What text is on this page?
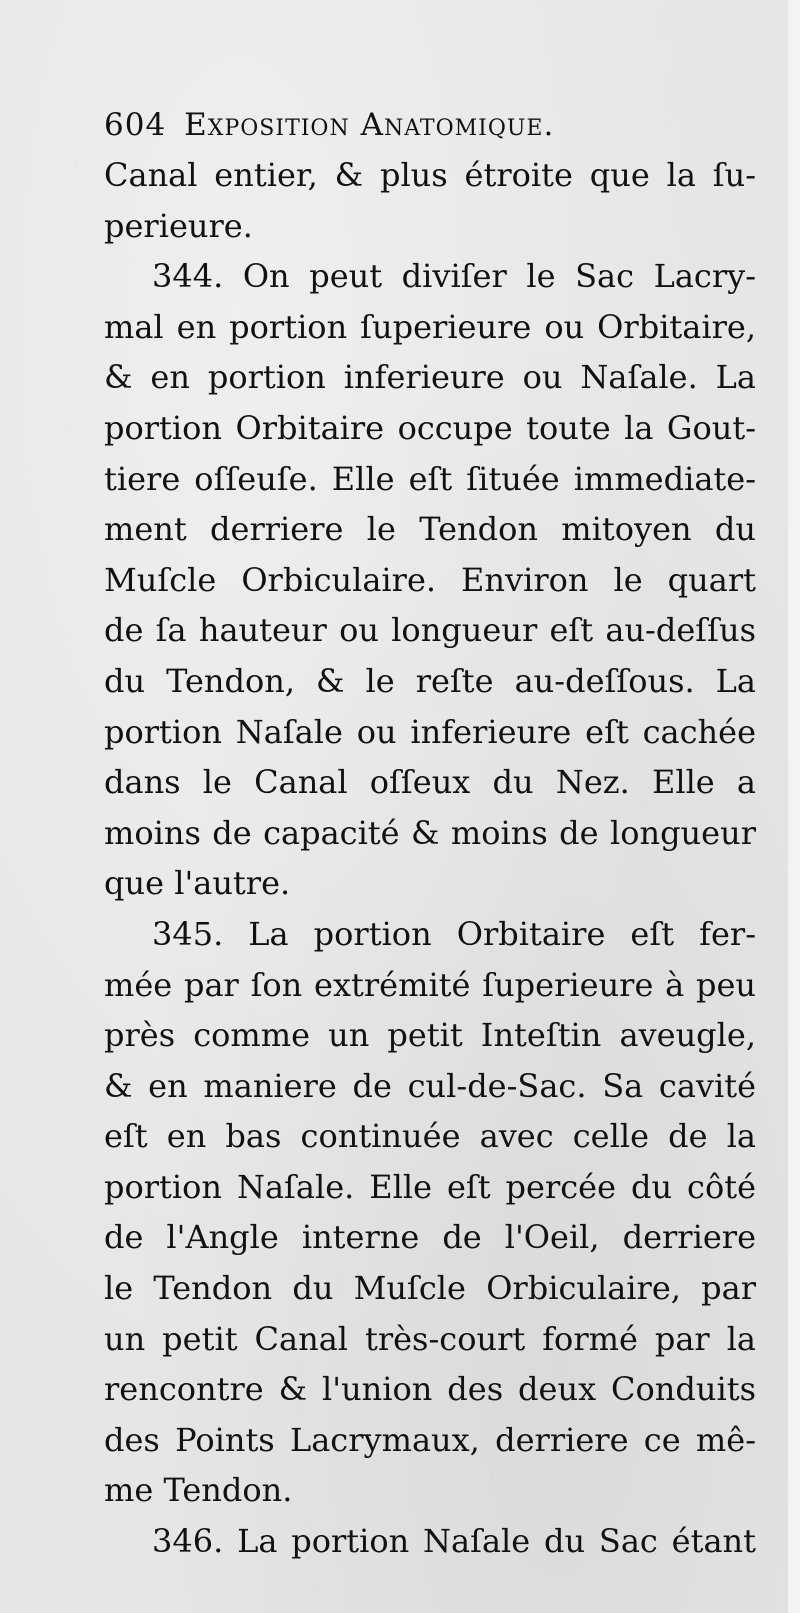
604 Exposition Anatomique.
Canal entier, & plus étroite que la ſu-
perieure.
344. On peut diviſer le Sac Lacry-
mal en portion ſuperieure ou Orbitaire,
& en portion inferieure ou Naſale. La
portion Orbitaire occupe toute la Gout-
tiere oſſeuſe. Elle eſt ſituée immediate-
ment derriere le Tendon mitoyen du
Muſcle Orbiculaire. Environ le quart
de ſa hauteur ou longueur eſt au-deſſus
du Tendon, & le reſte au-deſſous. La
portion Naſale ou inferieure eſt cachée
dans le Canal oſſeux du Nez. Elle a
moins de capacité & moins de longueur
que l'autre.
345. La portion Orbitaire eſt fer-
mée par ſon extrémité ſuperieure à peu
près comme un petit Inteſtin aveugle,
& en maniere de cul-de-Sac. Sa cavité
eſt en bas continuée avec celle de la
portion Naſale. Elle eſt percée du côté
de l'Angle interne de l'Oeil, derriere
le Tendon du Muſcle Orbiculaire, par
un petit Canal très-court formé par la
rencontre & l'union des deux Conduits
des Points Lacrymaux, derriere ce mê-
me Tendon.
346. La portion Naſale du Sac étant
